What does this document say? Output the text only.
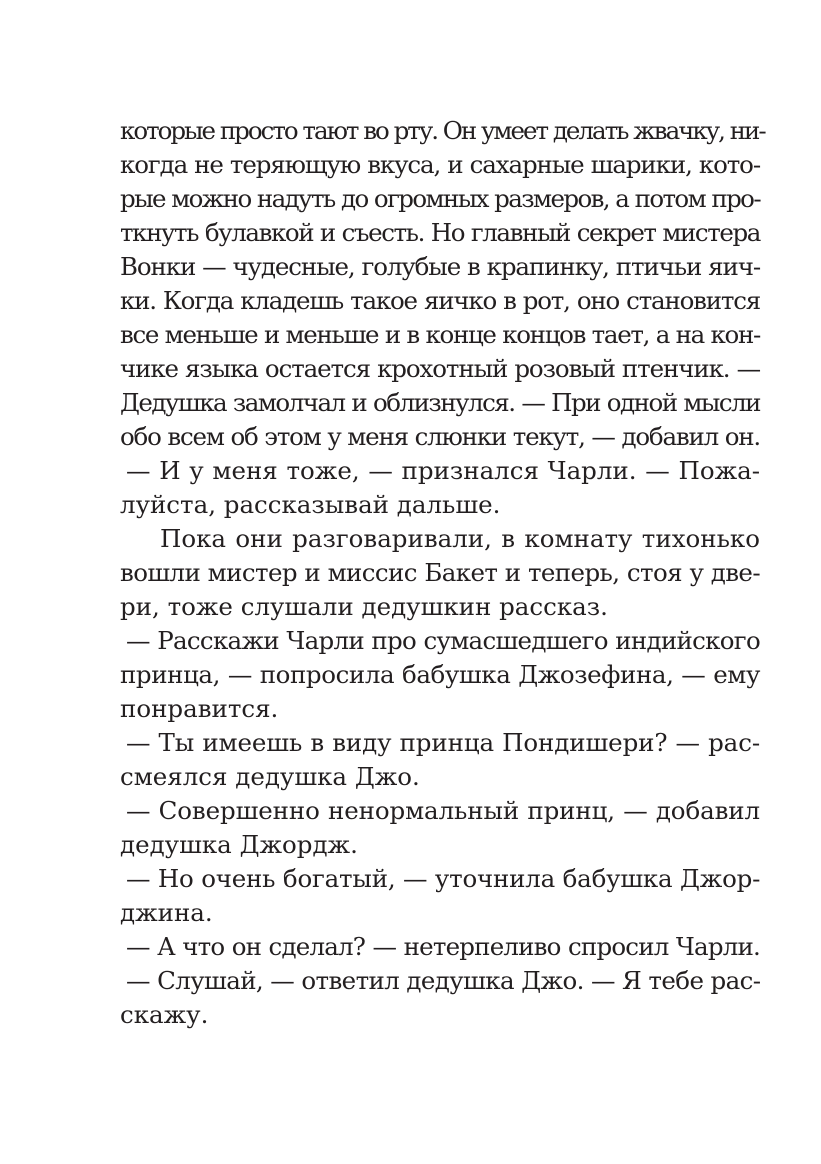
которые просто тают во рту. Он умеет делать жвачку, ни-
когда не теряющую вкуса, и сахарные шарики, кото-
рые можно надуть до огромных размеров, а потом про-
ткнуть булавкой и съесть. Но главный секрет мистера
Вонки — чудесные, голубые в крапинку, птичьи яич-
ки. Когда кладешь такое яичко в рот, оно становится
все меньше и меньше и в конце концов тает, а на кон-
чике языка остается крохотный розовый птенчик. —
Дедушка замолчал и облизнулся. — При одной мысли
обо всем об этом у меня слюнки текут, — добавил он.
— И у меня тоже, — признался Чарли. — Пожа-
луйста, рассказывай дальше.
Пока они разговаривали, в комнату тихонько
вошли мистер и миссис Бакет и теперь, стоя у две-
ри, тоже слушали дедушкин рассказ.
— Расскажи Чарли про сумасшедшего индийского
принца, — попросила бабушка Джозефина, — ему
понравится.
— Ты имеешь в виду принца Пондишери? — рас-
смеялся дедушка Джо.
— Совершенно ненормальный принц, — добавил
дедушка Джордж.
— Но очень богатый, — уточнила бабушка Джор-
джина.
— А что он сделал? — нетерпеливо спросил Чарли.
— Слушай, — ответил дедушка Джо. — Я тебе рас-
скажу.
